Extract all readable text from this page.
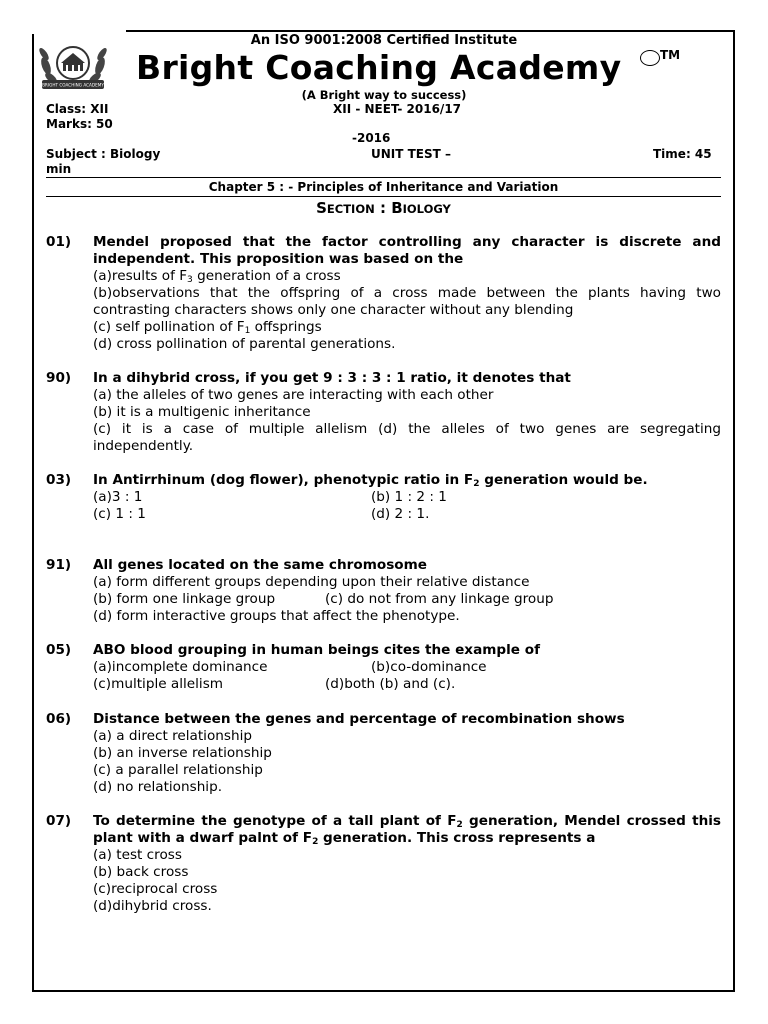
BRIGHT COACHING ACADEMY
B C A
An ISO 9001:2008 Certified Institute
Bright Coaching Academy	TM
(A Bright way to success)
Class: XII	XII - NEET- 2016/17
Marks: 50
-2016
Subject : Biology	UNIT TEST –	Time: 45
min
Chapter 5 : - Principles of Inheritance and Variation
SECTION : BIOLOGY
01) Mendel proposed that the factor controlling any character is discrete and independent. This proposition was based on the
(a)results of $F_3$ generation of a cross
(b)observations that the offspring of a cross made between the plants having two contrasting characters shows only one character without any blending
(c) self pollination of $F_1$ offsprings
(d) cross pollination of parental generations.
90) In a dihybrid cross, if you get 9 : 3 : 3 : 1 ratio, it denotes that
(a) the alleles of two genes are interacting with each other
(b) it is a multigenic inheritance
(c) it is a case of multiple allelism (d) the alleles of two genes are segregating independently.
03) In Antirrhinum (dog flower), phenotypic ratio in $F_2$ generation would be.
(a)3 : 1	(b) 1 : 2 : 1
(c) 1 : 1	(d) 2 : 1.
91) All genes located on the same chromosome
(a) form different groups depending upon their relative distance
(b) form one linkage group	(c) do not from any linkage group
(d) form interactive groups that affect the phenotype.
05) ABO blood grouping in human beings cites the example of
(a)incomplete dominance	(b)co-dominance
(c)multiple allelism	(d)both (b) and (c).
06) Distance between the genes and percentage of recombination shows
(a) a direct relationship
(b) an inverse relationship
(c) a parallel relationship
(d) no relationship.
07) To determine the genotype of a tall plant of $F_2$ generation, Mendel crossed this plant with a dwarf palnt of $F_2$ generation. This cross represents a
(a) test cross
(b) back cross
(c)reciprocal cross
(d)dihybrid cross.
